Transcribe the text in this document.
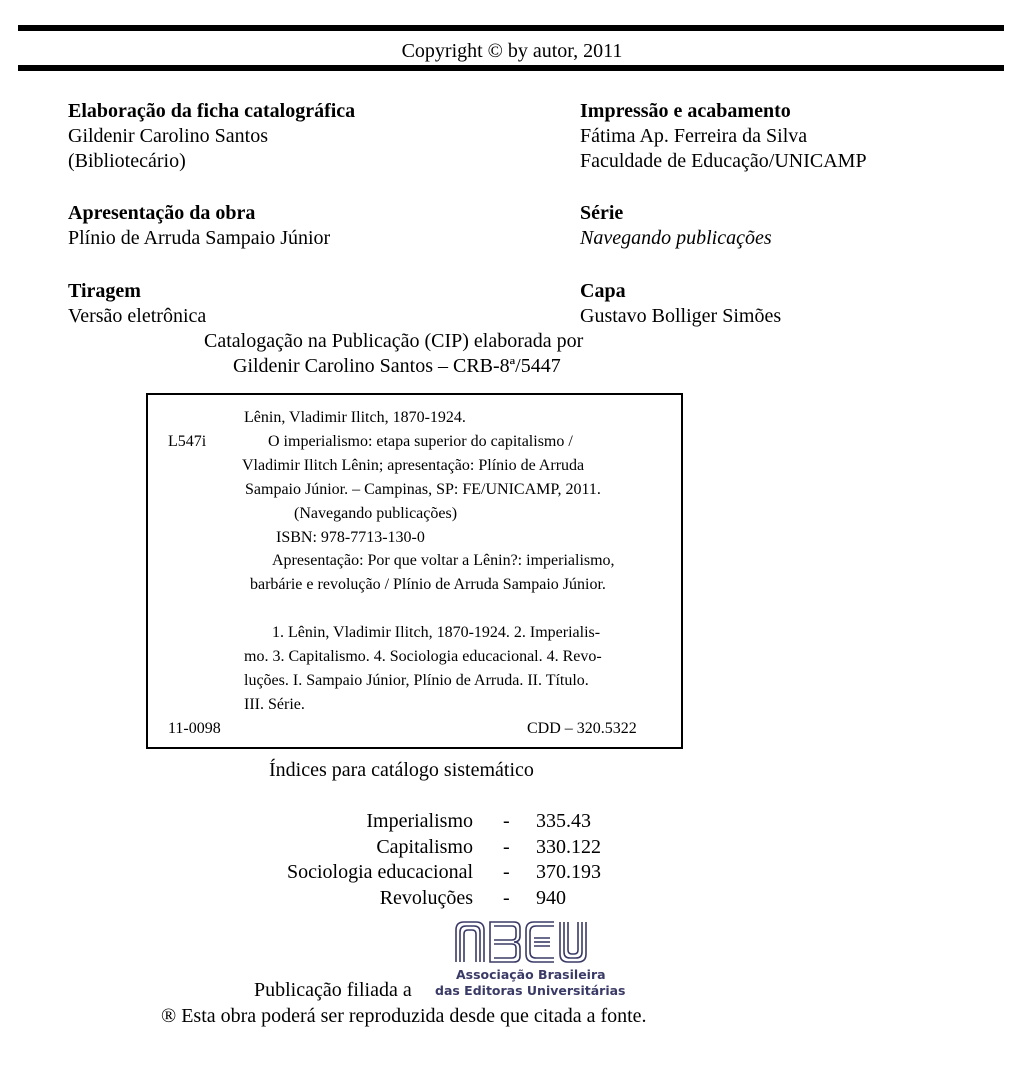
Copyright © by autor, 2011
Elaboração da ficha catalográfica
Gildenir Carolino Santos
(Bibliotecário)
Apresentação da obra
Plínio de Arruda Sampaio Júnior
Tiragem
Versão eletrônica
Impressão e acabamento
Fátima Ap. Ferreira da Silva
Faculdade de Educação/UNICAMP
Série
Navegando publicações
Capa
Gustavo Bolliger Simões
Catalogação na Publicação (CIP) elaborada por
Gildenir Carolino Santos – CRB-8ª/5447
Lênin, Vladimir Ilitch, 1870-1924.
L547i	O imperialismo: etapa superior do capitalismo /
Vladimir Ilitch Lênin; apresentação: Plínio de Arruda
Sampaio Júnior. – Campinas, SP: FE/UNICAMP, 2011.
(Navegando publicações)
ISBN: 978-7713-130-0
Apresentação: Por que voltar a Lênin?: imperialismo,
barbárie e revolução / Plínio de Arruda Sampaio Júnior.
1. Lênin, Vladimir Ilitch, 1870-1924. 2. Imperialis-
mo. 3. Capitalismo. 4. Sociologia educacional. 4. Revo-
luções. I. Sampaio Júnior, Plínio de Arruda. II. Título.
III. Série.
11-0098	CDD – 320.5322
Índices para catálogo sistemático
Imperialismo - 335.43
Capitalismo - 330.122
Sociologia educacional - 370.193
Revoluções - 940
Associação Brasileira
das Editoras Universitárias
Publicação filiada a
® Esta obra poderá ser reproduzida desde que citada a fonte.
